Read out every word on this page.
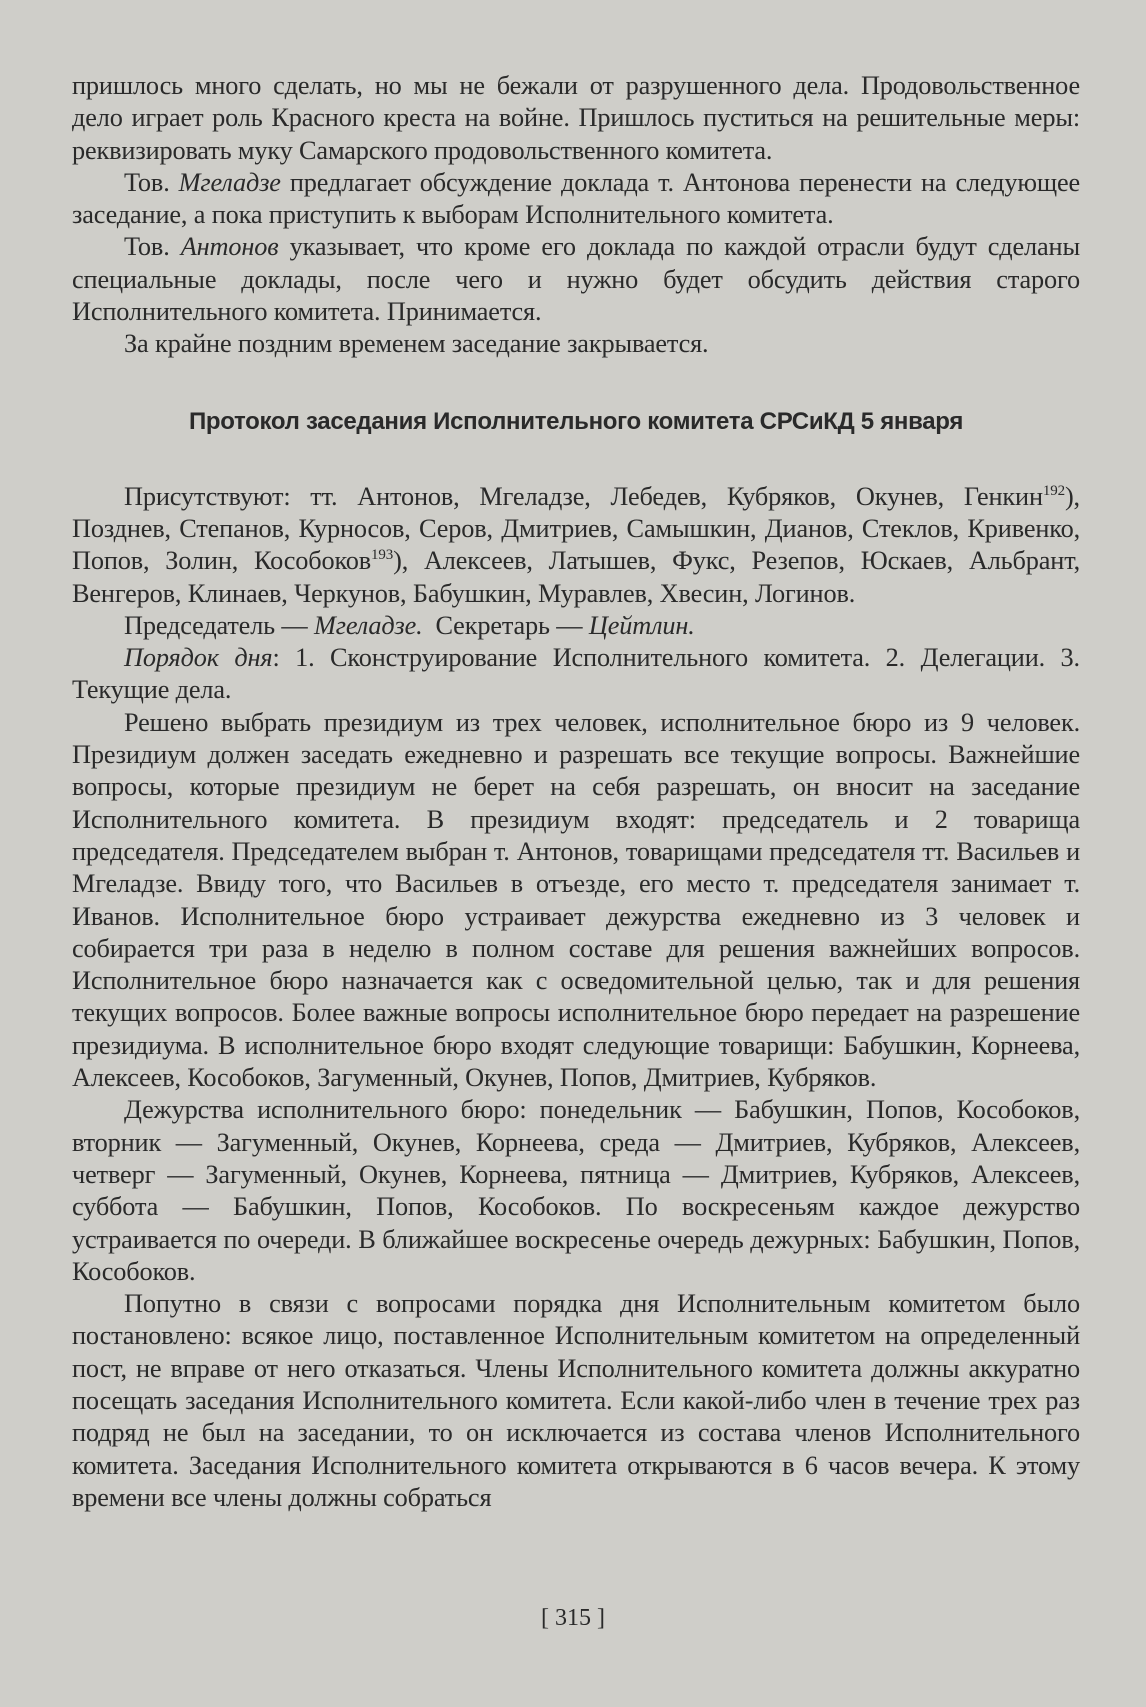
пришлось много сделать, но мы не бежали от разрушенного дела. Продовольственное дело играет роль Красного креста на войне. Пришлось пуститься на решительные меры: реквизировать муку Самарского продовольственного комитета.

Тов. Мгеладзе предлагает обсуждение доклада т. Антонова перенести на следующее заседание, а пока приступить к выборам Исполнительного комитета.

Тов. Антонов указывает, что кроме его доклада по каждой отрасли будут сделаны специальные доклады, после чего и нужно будет обсудить действия старого Исполнительного комитета. Принимается.

За крайне поздним временем заседание закрывается.

Протокол заседания Исполнительного комитета СРСиКД 5 января

Присутствуют: тт. Антонов, Мгеладзе, Лебедев, Кубряков, Окунев, Генкин$^{192}$), Позднев, Степанов, Курносов, Серов, Дмитриев, Самышкин, Дианов, Стеклов, Кривенко, Попов, Золин, Кособоков$^{193}$), Алексеев, Латышев, Фукс, Резепов, Юскаев, Альбрант, Венгеров, Клинаев, Черкунов, Бабушкин, Муравлев, Хвесин, Логинов.

Председатель — Мгеладзе. Секретарь — Цейтлин.

Порядок дня: 1. Сконструирование Исполнительного комитета. 2. Делегации. 3. Текущие дела.

Решено выбрать президиум из трех человек, исполнительное бюро из 9 человек. Президиум должен заседать ежедневно и разрешать все текущие вопросы. Важнейшие вопросы, которые президиум не берет на себя разрешать, он вносит на заседание Исполнительного комитета. В президиум входят: председатель и 2 товарища председателя. Председателем выбран т. Антонов, товарищами председателя тт. Васильев и Мгеладзе. Ввиду того, что Васильев в отъезде, его место т. председателя занимает т. Иванов. Исполнительное бюро устраивает дежурства ежедневно из 3 человек и собирается три раза в неделю в полном составе для решения важнейших вопросов. Исполнительное бюро назначается как с осведомительной целью, так и для решения текущих вопросов. Более важные вопросы исполнительное бюро передает на разрешение президиума. В исполнительное бюро входят следующие товарищи: Бабушкин, Корнеева, Алексеев, Кособоков, Загуменный, Окунев, Попов, Дмитриев, Кубряков.

Дежурства исполнительного бюро: понедельник — Бабушкин, Попов, Кособоков, вторник — Загуменный, Окунев, Корнеева, среда — Дмитриев, Кубряков, Алексеев, четверг — Загуменный, Окунев, Корнеева, пятница — Дмитриев, Кубряков, Алексеев, суббота — Бабушкин, Попов, Кособоков. По воскресеньям каждое дежурство устраивается по очереди. В ближайшее воскресенье очередь дежурных: Бабушкин, Попов, Кособоков.

Попутно в связи с вопросами порядка дня Исполнительным комитетом было постановлено: всякое лицо, поставленное Исполнительным комитетом на определенный пост, не вправе от него отказаться. Члены Исполнительного комитета должны аккуратно посещать заседания Исполнительного комитета. Если какой-либо член в течение трех раз подряд не был на заседании, то он исключается из состава членов Исполнительного комитета. Заседания Исполнительного комитета открываются в 6 часов вечера. К этому времени все члены должны собраться

[ 315 ]
